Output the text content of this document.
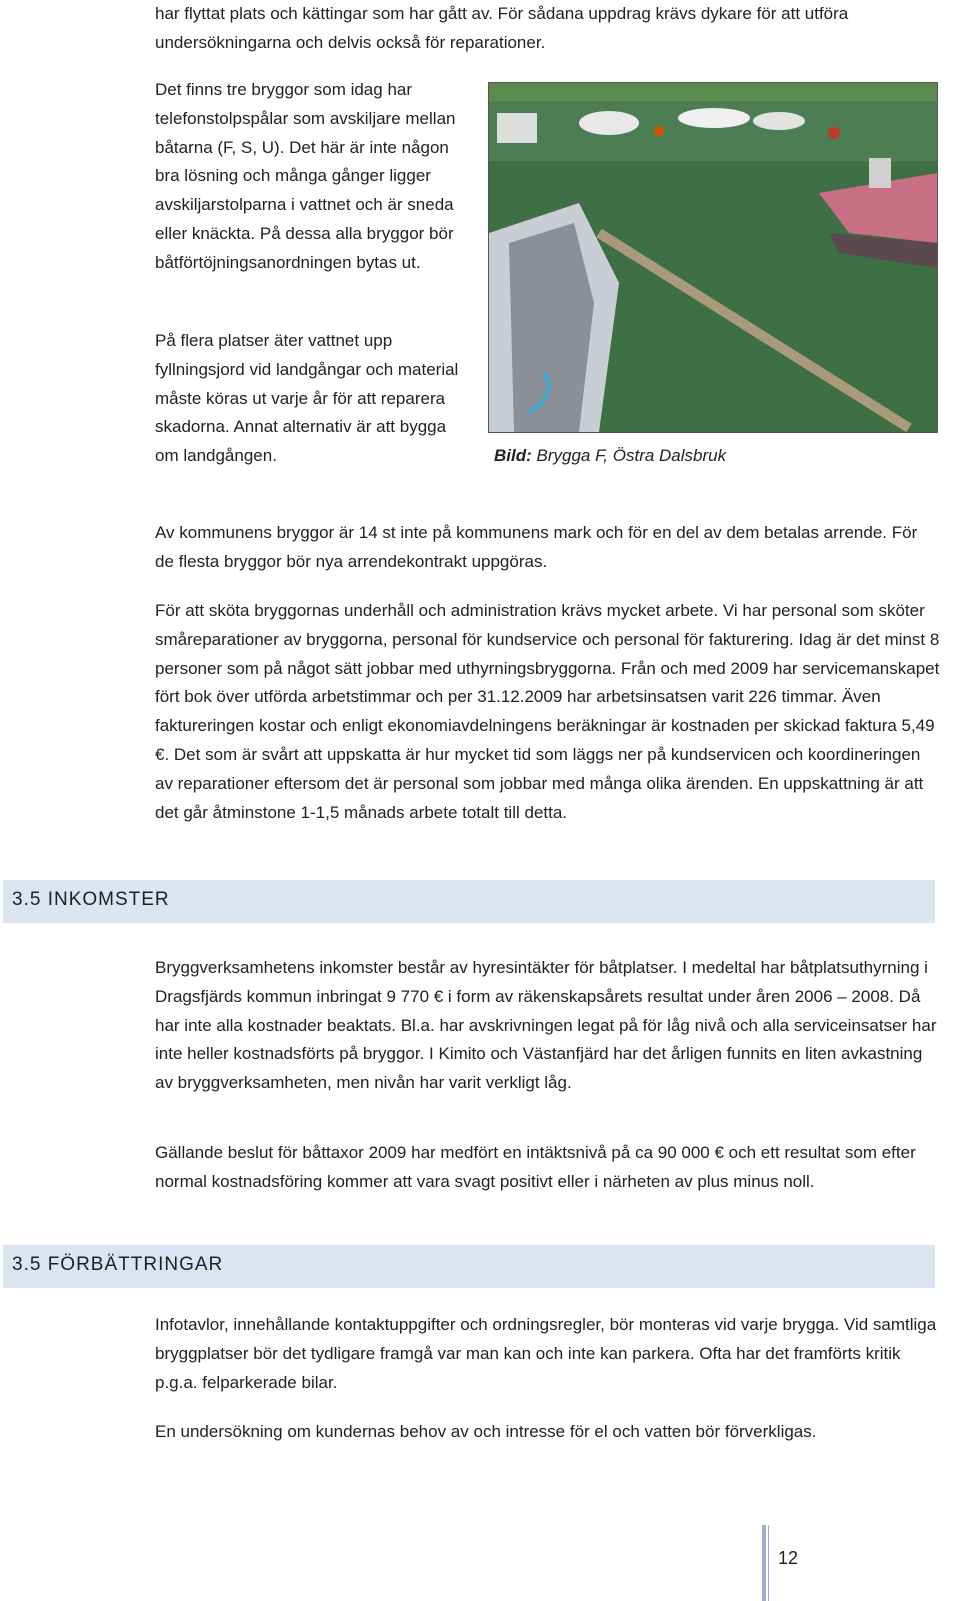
har flyttat plats och kättingar som har gått av. För sådana uppdrag krävs dykare för att utföra undersökningarna och delvis också för reparationer.

Det finns tre bryggor som idag har telefonstolpspålar som avskiljare mellan båtarna (F, S, U). Det här är inte någon bra lösning och många gånger ligger avskiljarstolparna i vattnet och är sneda eller knäckta. På dessa alla bryggor bör båtförtöjningsanordningen bytas ut.

På flera platser äter vattnet upp fyllningsjord vid landgångar och material måste köras ut varje år för att reparera skadorna. Annat alternativ är att bygga om landgången.	Bild: Brygga F, Östra Dalsbruk

Av kommunens bryggor är 14 st inte på kommunens mark och för en del av dem betalas arrende. För de flesta bryggor bör nya arrendekontrakt uppgöras.

För att sköta bryggornas underhåll och administration krävs mycket arbete. Vi har personal som sköter småreparationer av bryggorna, personal för kundservice och personal för fakturering. Idag är det minst 8 personer som på något sätt jobbar med uthyrningsbryggorna. Från och med 2009 har servicemanskapet fört bok över utförda arbetstimmar och per 31.12.2009 har arbetsinsatsen varit 226 timmar. Även faktureringen kostar och enligt ekonomiavdelningens beräkningar är kostnaden per skickad faktura 5,49 €. Det som är svårt att uppskatta är hur mycket tid som läggs ner på kundservicen och koordineringen av reparationer eftersom det är personal som jobbar med många olika ärenden. En uppskattning är att det går åtminstone 1-1,5 månads arbete totalt till detta.

3.5 INKOMSTER

Bryggverksamhetens inkomster består av hyresintäkter för båtplatser. I medeltal har båtplatsuthyrning i Dragsfjärds kommun inbringat 9 770 € i form av räkenskapsårets resultat under åren 2006 – 2008. Då har inte alla kostnader beaktats. Bl.a. har avskrivningen legat på för låg nivå och alla serviceinsatser har inte heller kostnadsförts på bryggor. I Kimito och Västanfjärd har det årligen funnits en liten avkastning av bryggverksamheten, men nivån har varit verkligt låg.

Gällande beslut för båttaxor 2009 har medfört en intäktsnivå på ca 90 000 € och ett resultat som efter normal kostnadsföring kommer att vara svagt positivt eller i närheten av plus minus noll.

3.5 FÖRBÄTTRINGAR

Infotavlor, innehållande kontaktuppgifter och ordningsregler, bör monteras vid varje brygga. Vid samtliga bryggplatser bör det tydligare framgå var man kan och inte kan parkera. Ofta har det framförts kritik p.g.a. felparkerade bilar.

En undersökning om kundernas behov av och intresse för el och vatten bör förverkligas.

12
